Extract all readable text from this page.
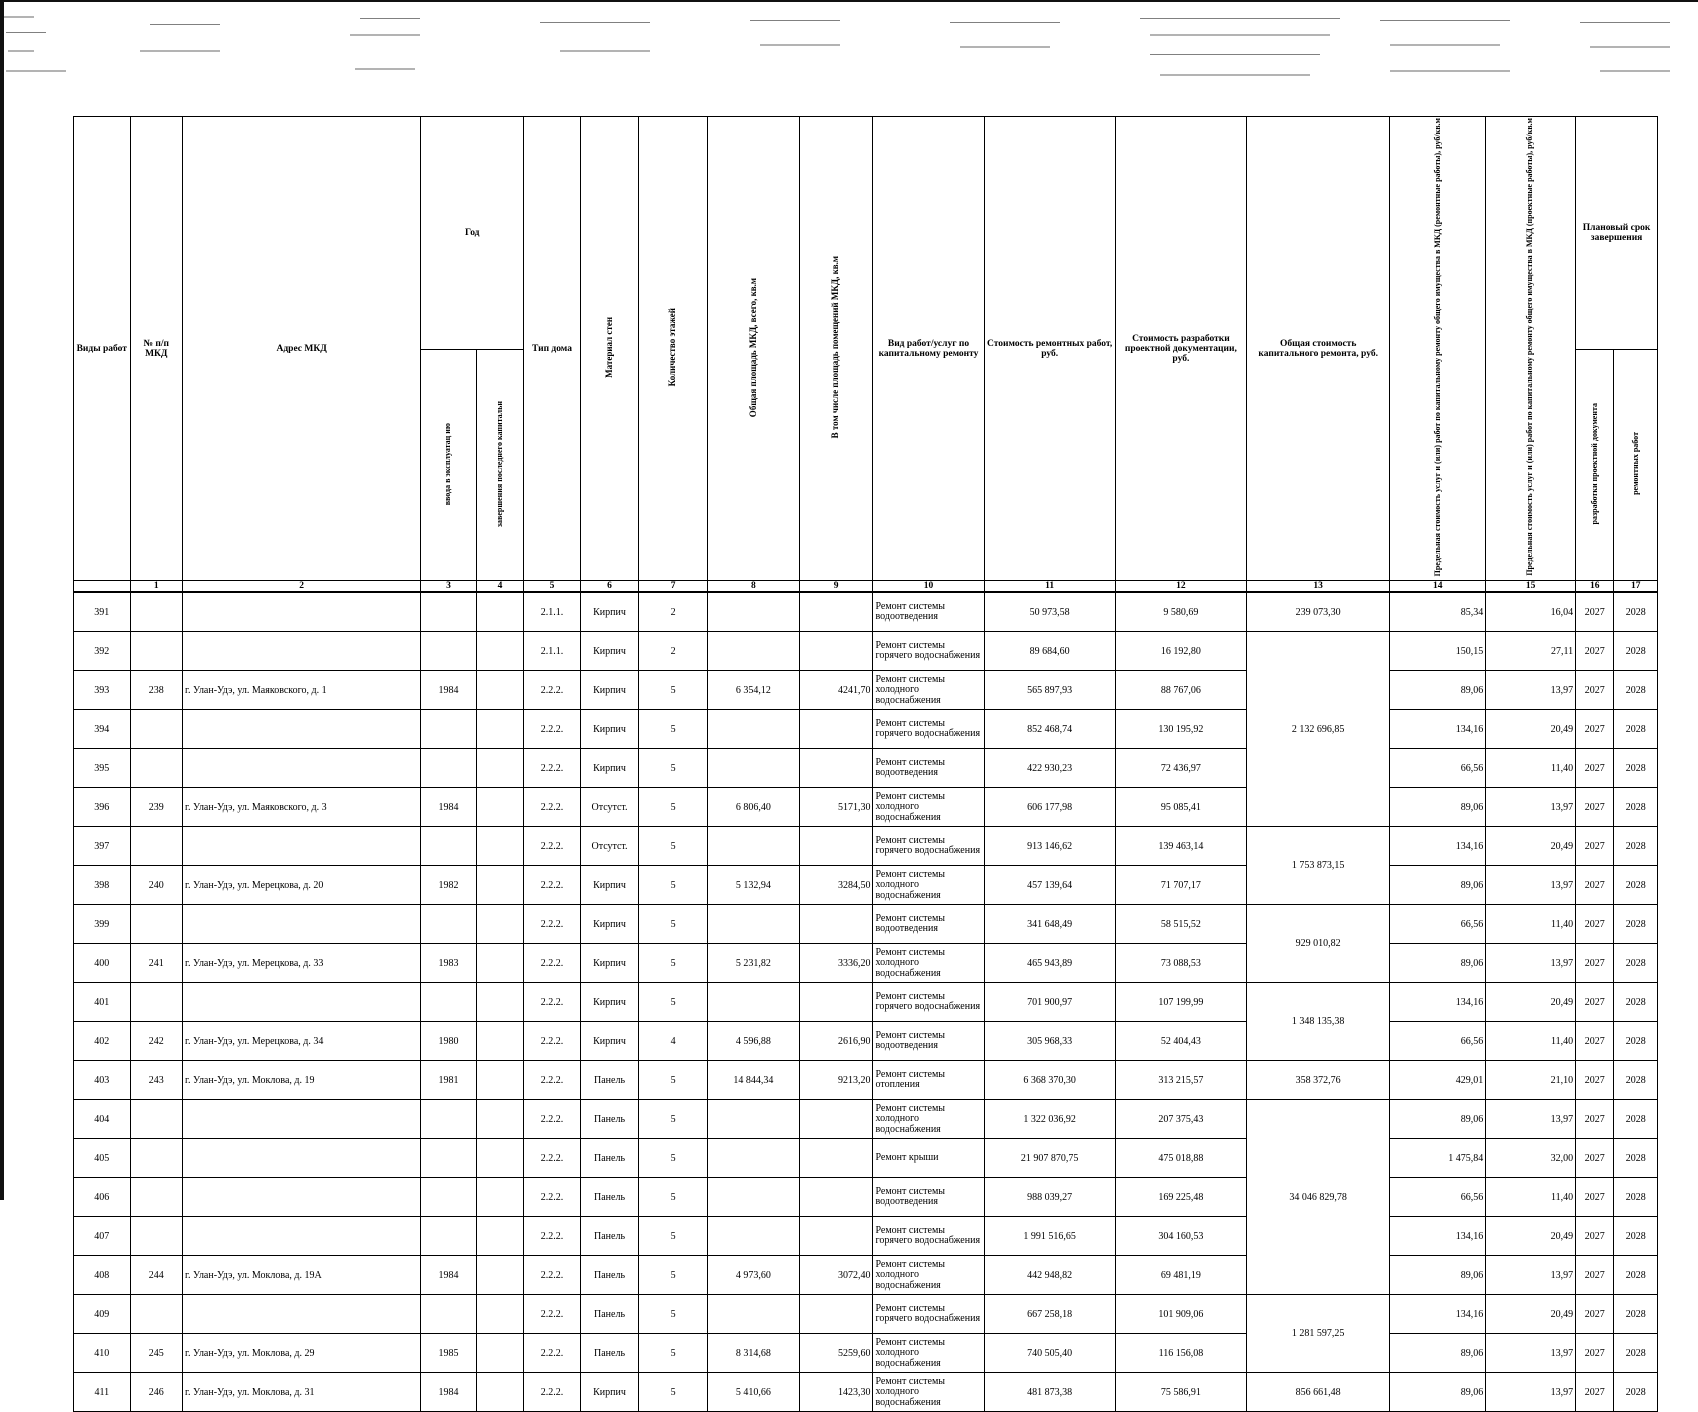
Виды работ	№ п/п МКД	Адрес МКД	Год		Тип дома	Материал стен	Количество этажей	Общая площадь МКД, всего, кв.м	В том числе площадь помещений МКД, кв.м	Вид работ/услуг по капитальному ремонту	Стоимость ремонтных работ, руб.	Стоимость разработки проектной документации, руб.	Общая стоимость капитального ремонта, руб.	Предельная стоимость услуг и (или) работ по капитальному ремонту общего имущества в МКД (ремонтные работы), руб/кв.м	Предельная стоимость услуг и (или) работ по капитальному ремонту общего имущества в МКД (проектные работы), руб/кв.м	Плановый срок завершения	
			ввода в эксплуатац ию	завершения последнего капитальн												разработки проектной документа	ремонтных работ
	1	2	3	4	5	6	7	8	9	10	11	12	13	14	15	16	17
391					2.1.1.	Кирпич	2			Ремонт системы водоотведения	50 973,58	9 580,69	239 073,30	85,34	16,04	2027	2028
392					2.1.1.	Кирпич	2			Ремонт системы горячего водоснабжения	89 684,60	16 192,80	2 132 696,85	150,15	27,11	2027	2028
393	238	г. Улан-Удэ, ул. Маяковского, д. 1	1984		2.2.2.	Кирпич	5	6 354,12	4241,70	Ремонт системы холодного водоснабжения	565 897,93	88 767,06		89,06	13,97	2027	2028
394					2.2.2.	Кирпич	5			Ремонт системы горячего водоснабжения	852 468,74	130 195,92		134,16	20,49	2027	2028
395					2.2.2.	Кирпич	5			Ремонт системы водоотведения	422 930,23	72 436,97		66,56	11,40	2027	2028
396	239	г. Улан-Удэ, ул. Маяковского, д. 3	1984		2.2.2.	Отсутст.	5	6 806,40	5171,30	Ремонт системы холодного водоснабжения	606 177,98	95 085,41		89,06	13,97	2027	2028
397					2.2.2.	Отсутст.	5			Ремонт системы горячего водоснабжения	913 146,62	139 463,14	1 753 873,15	134,16	20,49	2027	2028
398	240	г. Улан-Удэ, ул. Мерецкова, д. 20	1982		2.2.2.	Кирпич	5	5 132,94	3284,50	Ремонт системы холодного водоснабжения	457 139,64	71 707,17		89,06	13,97	2027	2028
399					2.2.2.	Кирпич	5			Ремонт системы водоотведения	341 648,49	58 515,52	929 010,82	66,56	11,40	2027	2028
400	241	г. Улан-Удэ, ул. Мерецкова, д. 33	1983		2.2.2.	Кирпич	5	5 231,82	3336,20	Ремонт системы холодного водоснабжения	465 943,89	73 088,53		89,06	13,97	2027	2028
401					2.2.2.	Кирпич	5			Ремонт системы горячего водоснабжения	701 900,97	107 199,99	1 348 135,38	134,16	20,49	2027	2028
402	242	г. Улан-Удэ, ул. Мерецкова, д. 34	1980		2.2.2.	Кирпич	4	4 596,88	2616,90	Ремонт системы водоотведения	305 968,33	52 404,43		66,56	11,40	2027	2028
403	243	г. Улан-Удэ, ул. Моклова, д. 19	1981		2.2.2.	Панель	5	14 844,34	9213,20	Ремонт системы отопления	6 368 370,30	313 215,57	358 372,76	429,01	21,10	2027	2028
404					2.2.2.	Панель	5			Ремонт системы холодного водоснабжения	1 322 036,92	207 375,43	34 046 829,78	89,06	13,97	2027	2028
405					2.2.2.	Панель	5			Ремонт крыши	21 907 870,75	475 018,88		1 475,84	32,00	2027	2028
406					2.2.2.	Панель	5			Ремонт системы водоотведения	988 039,27	169 225,48		66,56	11,40	2027	2028
407					2.2.2.	Панель	5			Ремонт системы горячего водоснабжения	1 991 516,65	304 160,53		134,16	20,49	2027	2028
408	244	г. Улан-Удэ, ул. Моклова, д. 19А	1984		2.2.2.	Панель	5	4 973,60	3072,40	Ремонт системы холодного водоснабжения	442 948,82	69 481,19		89,06	13,97	2027	2028
409					2.2.2.	Панель	5			Ремонт системы горячего водоснабжения	667 258,18	101 909,06	1 281 597,25	134,16	20,49	2027	2028
410	245	г. Улан-Удэ, ул. Моклова, д. 29	1985		2.2.2.	Панель	5	8 314,68	5259,60	Ремонт системы холодного водоснабжения	740 505,40	116 156,08		89,06	13,97	2027	2028
411	246	г. Улан-Удэ, ул. Моклова, д. 31	1984		2.2.2.	Кирпич	5	5 410,66	1423,30	Ремонт системы холодного водоснабжения	481 873,38	75 586,91	856 661,48	89,06	13,97	2027	2028
